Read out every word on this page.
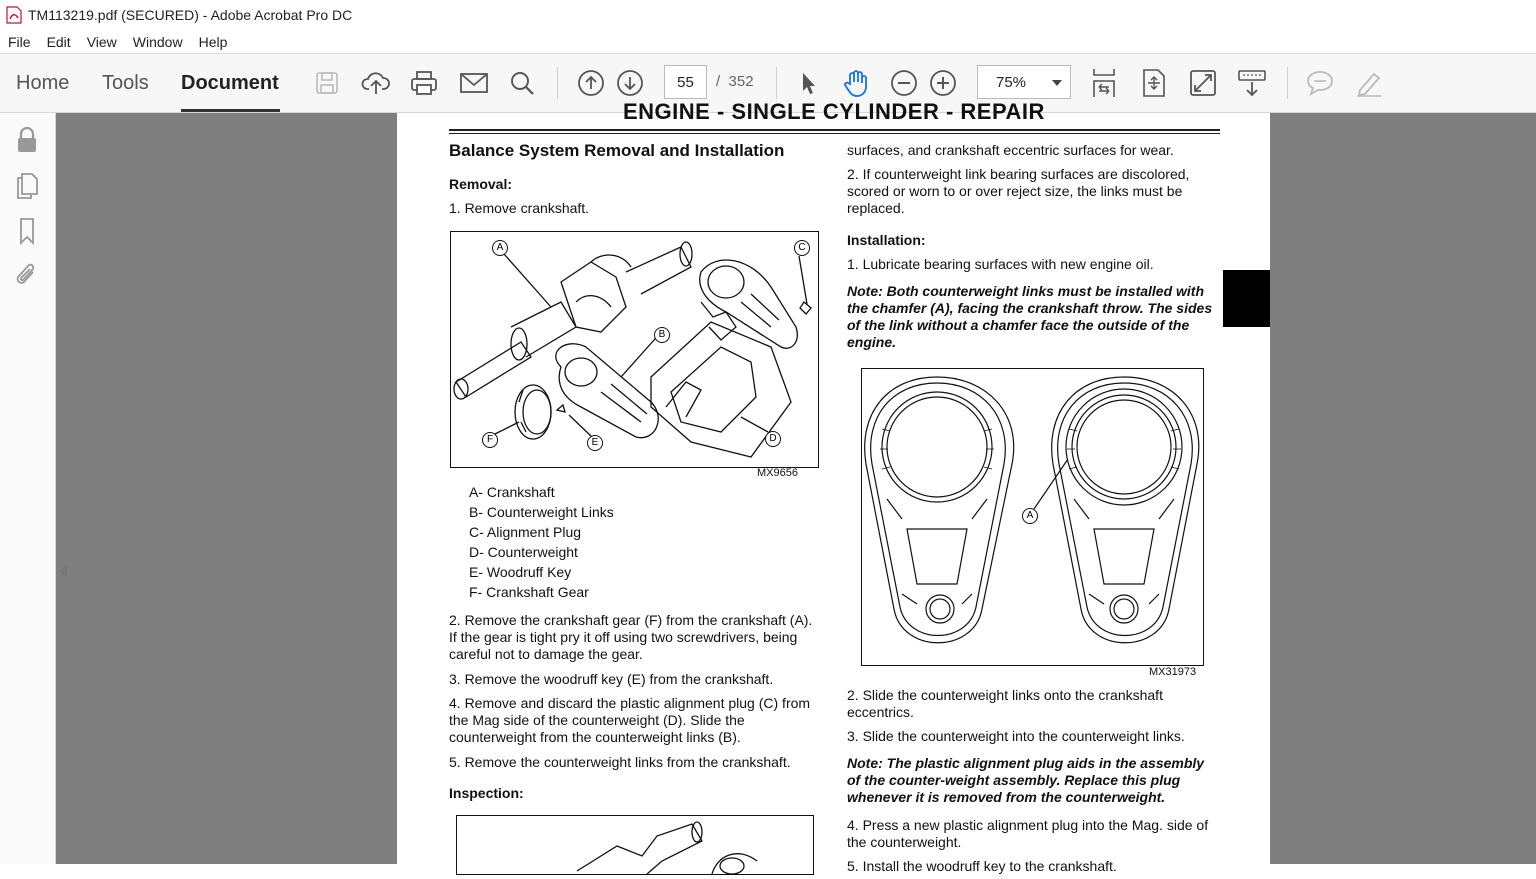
TM113219.pdf (SECURED) - Adobe Acrobat Pro DC
File	Edit	View	Window	Help
Home Tools Document	55	/ 352	75%
ENGINE - SINGLE CYLINDER - REPAIR
Balance System Removal and Installation
Removal:
1. Remove crankshaft.
A	C
B
D
E
F
MX9656
A- Crankshaft
B- Counterweight Links
C- Alignment Plug
D- Counterweight
E- Woodruff Key
F- Crankshaft Gear
2. Remove the crankshaft gear (F) from the crankshaft (A). If the gear is tight pry it off using two screwdrivers, being careful not to damage the gear.
3. Remove the woodruff key (E) from the crankshaft.
4. Remove and discard the plastic alignment plug (C) from the Mag side of the counterweight (D). Slide the counterweight from the counterweight links (B).
5. Remove the counterweight links from the crankshaft.
Inspection:
surfaces, and crankshaft eccentric surfaces for wear.
2. If counterweight link bearing surfaces are discolored, scored or worn to or over reject size, the links must be replaced.
Installation:
1. Lubricate bearing surfaces with new engine oil.
Note: Both counterweight links must be installed with the chamfer (A), facing the crankshaft throw. The sides of the link without a chamfer face the outside of the engine.
A
MX31973
2. Slide the counterweight links onto the crankshaft eccentrics.
3. Slide the counterweight into the counterweight links.
Note: The plastic alignment plug aids in the assembly of the counter-weight assembly. Replace this plug whenever it is removed from the counterweight.
4. Press a new plastic alignment plug into the Mag. side of the counterweight.
5. Install the woodruff key to the crankshaft.
